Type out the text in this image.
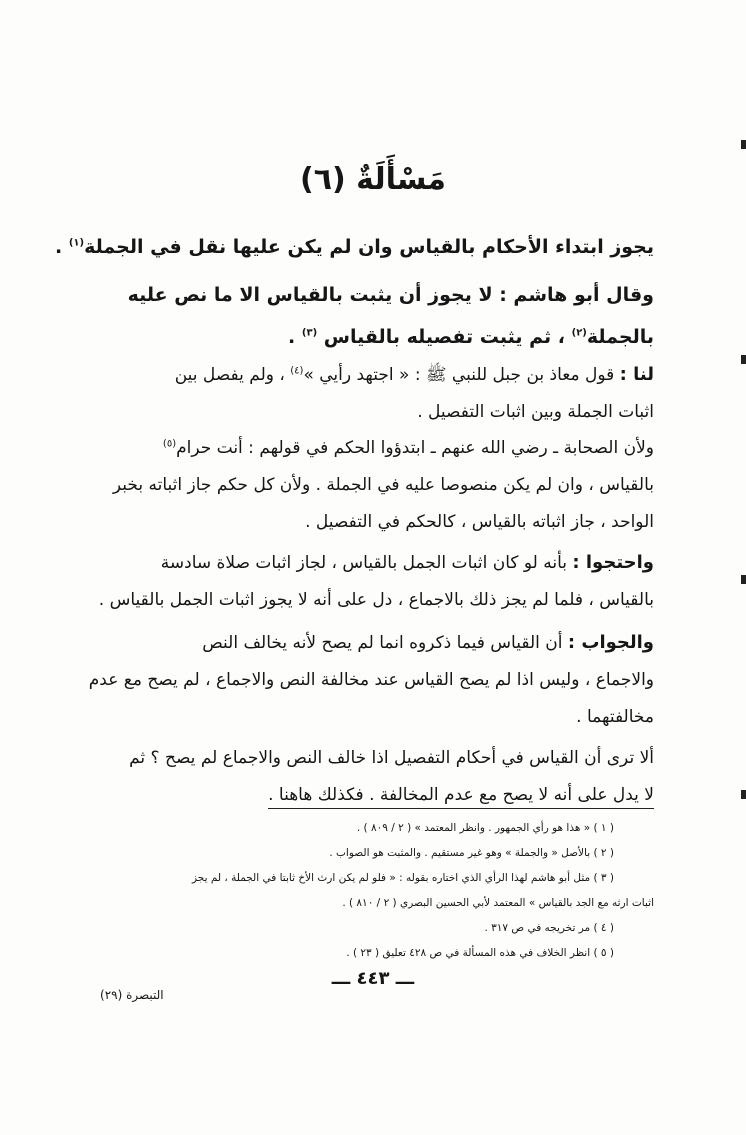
مَسْأَلَةٌ (٦)
يجوز ابتداء الأحكام بالقياس وان لم يكن عليها نقل في الجملة$^{(١)}$ .
وقال أبو هاشم : لا يجوز أن يثبت بالقياس الا ما نص عليه
بالجملة$^{(٢)}$ ، ثم يثبت تفصيله بالقياس $^{(٣)}$ .
لنا : قول معاذ بن جبل للنبي ﷺ : « اجتهد رأيي »$^{(٤)}$ ، ولم يفصل بين
اثبات الجملة وبين اثبات التفصيل .
ولأن الصحابة ـ رضي الله عنهم ـ ابتدؤوا الحكم في قولهم : أنت حرام$^{(٥)}$
بالقياس ، وان لم يكن منصوصا عليه في الجملة . ولأن كل حكم جاز اثباته بخبر
الواحد ، جاز اثباته بالقياس ، كالحكم في التفصيل .
واحتجوا : بأنه لو كان اثبات الجمل بالقياس ، لجاز اثبات صلاة سادسة
بالقياس ، فلما لم يجز ذلك بالاجماع ، دل على أنه لا يجوز اثبات الجمل بالقياس .
والجواب : أن القياس فيما ذكروه انما لم يصح لأنه يخالف النص
والاجماع ، وليس اذا لم يصح القياس عند مخالفة النص والاجماع ، لم يصح مع عدم
مخالفتهما .
ألا ترى أن القياس في أحكام التفصيل اذا خالف النص والاجماع لم يصح ؟ ثم
لا يدل على أنه لا يصح مع عدم المخالفة . فكذلك هاهنا .
( ١ ) « هذا هو رأي الجمهور . وانظر المعتمد » ( ٢ / ٨٠٩ ) .
( ٢ ) بالأصل « والجملة » وهو غير مستقيم . والمثبت هو الصواب .
( ٣ ) مثل أبو هاشم لهذا الرأي الذي اختاره بقوله : « فلو لم يكن ارث الأخ ثابتا في الجملة ، لم يجز
اثبات ارثه مع الجد بالقياس » المعتمد لأبي الحسين البصري ( ٢ / ٨١٠ ) .
( ٤ ) مر تخريجه في ص ٣١٧ .
( ٥ ) انظر الخلاف في هذه المسألة في ص ٤٢٨ تعليق ( ٢٣ ) .
ـــ ٤٤٣ ـــ
التبصرة (٢٩)
